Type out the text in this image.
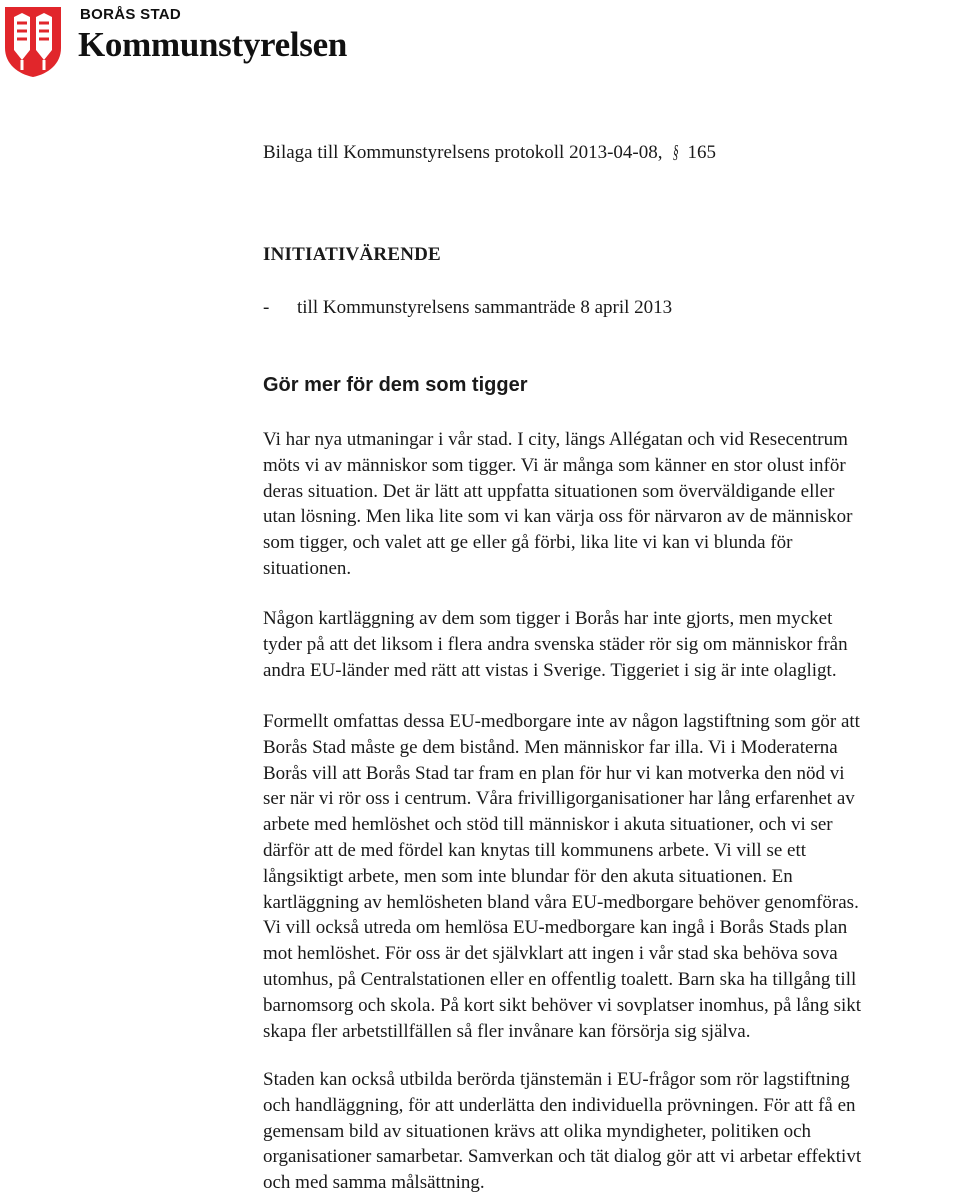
BORÅS STAD
Kommunstyrelsen
Bilaga till Kommunstyrelsens protokoll 2013-04-08, § 165
INITIATIVÄRENDE
- till Kommunstyrelsens sammanträde 8 april 2013
Gör mer för dem som tigger

Vi har nya utmaningar i vår stad. I city, längs Allégatan och vid Resecentrum
möts vi av människor som tigger. Vi är många som känner en stor olust inför
deras situation. Det är lätt att uppfatta situationen som överväldigande eller
utan lösning. Men lika lite som vi kan värja oss för närvaron av de människor
som tigger, och valet att ge eller gå förbi, lika lite vi kan vi blunda för
situationen.

Någon kartläggning av dem som tigger i Borås har inte gjorts, men mycket
tyder på att det liksom i flera andra svenska städer rör sig om människor från
andra EU-länder med rätt att vistas i Sverige. Tiggeriet i sig är inte olagligt.

Formellt omfattas dessa EU-medborgare inte av någon lagstiftning som gör att
Borås Stad måste ge dem bistånd. Men människor far illa. Vi i Moderaterna
Borås vill att Borås Stad tar fram en plan för hur vi kan motverka den nöd vi
ser när vi rör oss i centrum. Våra frivilligorganisationer har lång erfarenhet av
arbete med hemlöshet och stöd till människor i akuta situationer, och vi ser
därför att de med fördel kan knytas till kommunens arbete. Vi vill se ett
långsiktigt arbete, men som inte blundar för den akuta situationen. En
kartläggning av hemlösheten bland våra EU-medborgare behöver genomföras.
Vi vill också utreda om hemlösa EU-medborgare kan ingå i Borås Stads plan
mot hemlöshet. För oss är det självklart att ingen i vår stad ska behöva sova
utomhus, på Centralstationen eller en offentlig toalett. Barn ska ha tillgång till
barnomsorg och skola. På kort sikt behöver vi sovplatser inomhus, på lång sikt
skapa fler arbetstillfällen så fler invånare kan försörja sig själva.

Staden kan också utbilda berörda tjänstemän i EU-frågor som rör lagstiftning
och handläggning, för att underlätta den individuella prövningen. För att få en
gemensam bild av situationen krävs att olika myndigheter, politiken och
organisationer samarbetar. Samverkan och tät dialog gör att vi arbetar effektivt
och med samma målsättning.
